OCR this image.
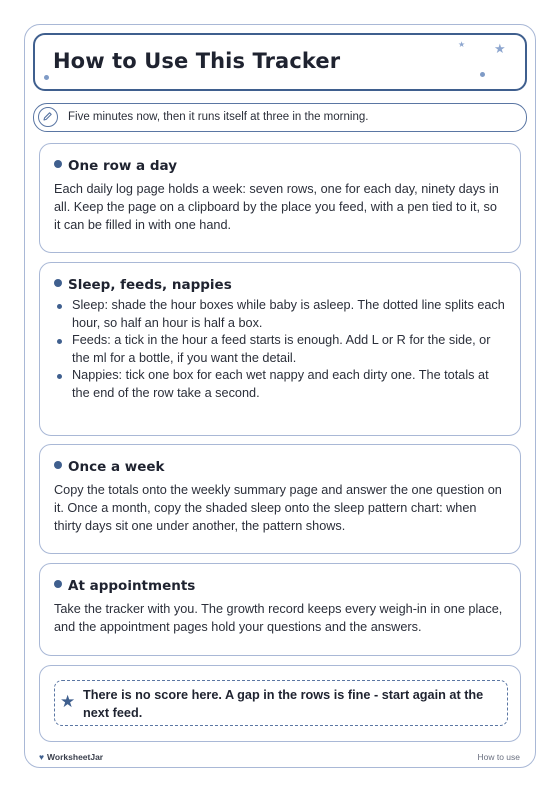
How to Use This Tracker
★ ★
Five minutes now, then it runs itself at three in the morning.
One row a day

Each daily log page holds a week: seven rows, one for each day, ninety days in all. Keep the page on a clipboard by the place you feed, with a pen tied to it, so it can be filled in with one hand.

Sleep, feeds, nappies
Sleep: shade the hour boxes while baby is asleep. The dotted line splits each hour, so half an hour is half a box.
Feeds: a tick in the hour a feed starts is enough. Add L or R for the side, or the ml for a bottle, if you want the detail.
Nappies: tick one box for each wet nappy and each dirty one. The totals at the end of the row take a second.
Once a week

Copy the totals onto the weekly summary page and answer the one question on it. Once a month, copy the shaded sleep onto the sleep pattern chart: when thirty days sit one under another, the pattern shows.

At appointments

Take the tracker with you. The growth record keeps every weigh-in in one place, and the appointment pages hold your questions and the answers.

★ There is no score here. A gap in the rows is fine - start again at the next feed.
♥ WorksheetJar	How to use
